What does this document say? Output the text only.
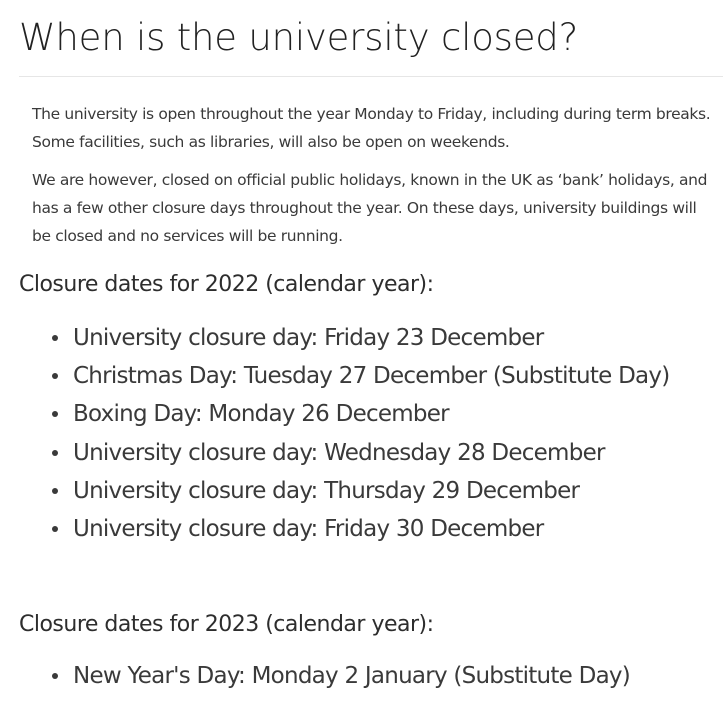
When is the university closed?

The university is open throughout the year Monday to Friday, including during term breaks. Some facilities, such as libraries, will also be open on weekends.

We are however, closed on official public holidays, known in the UK as ‘bank’ holidays, and has a few other closure days throughout the year. On these days, university buildings will be closed and no services will be running.

Closure dates for 2022 (calendar year):
University closure day: Friday 23 December
Christmas Day: Tuesday 27 December (Substitute Day)
Boxing Day: Monday 26 December
University closure day: Wednesday 28 December
University closure day: Thursday 29 December
University closure day: Friday 30 December
Closure dates for 2023 (calendar year):
New Year's Day: Monday 2 January (Substitute Day)
